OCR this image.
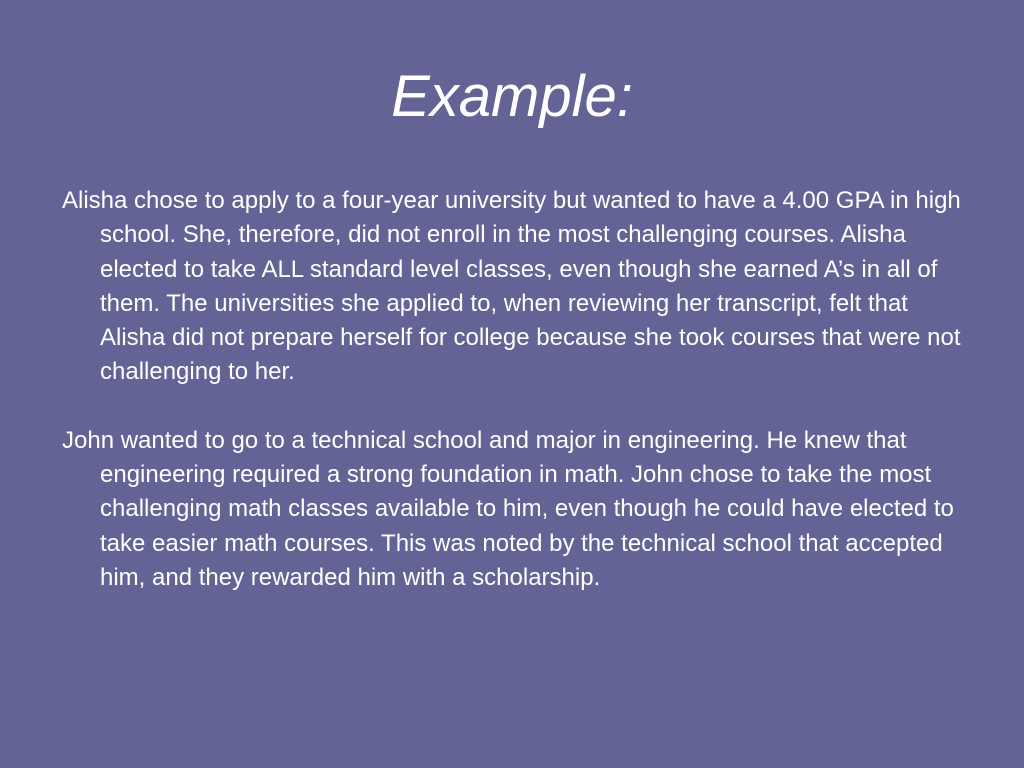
Example:

Alisha chose to apply to a four-year university but wanted to have a 4.00 GPA in high school. She, therefore, did not enroll in the most challenging courses. Alisha elected to take ALL standard level classes, even though she earned A’s in all of them. The universities she applied to, when reviewing her transcript, felt that Alisha did not prepare herself for college because she took courses that were not challenging to her.

John wanted to go to a technical school and major in engineering. He knew that engineering required a strong foundation in math. John chose to take the most challenging math classes available to him, even though he could have elected to take easier math courses. This was noted by the technical school that accepted him, and they rewarded him with a scholarship.
